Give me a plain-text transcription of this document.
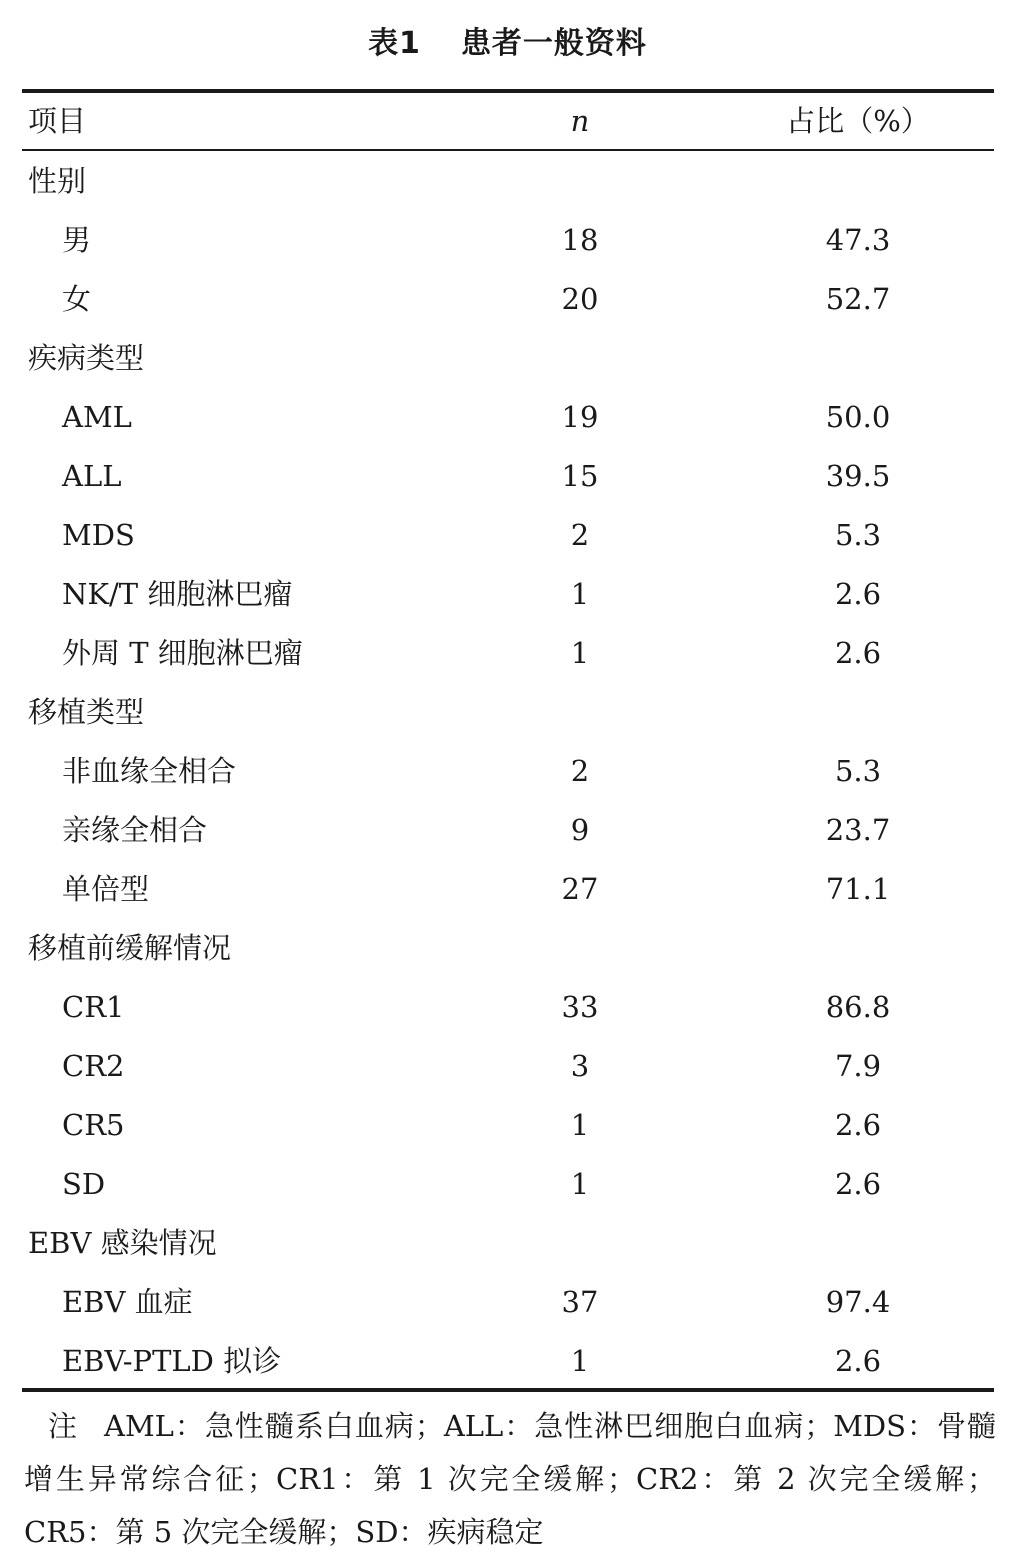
表1 患者一般资料
项目	n	占比（%）
性别
男	18	47.3
女	20	52.7
疾病类型
AML	19	50.0
ALL	15	39.5
MDS	2	5.3
NK/T 细胞淋巴瘤	1	2.6
外周 T 细胞淋巴瘤	1	2.6
移植类型
非血缘全相合	2	5.3
亲缘全相合	9	23.7
单倍型	27	71.1
移植前缓解情况
CR1	33	86.8
CR2	3	7.9
CR5	1	2.6
SD	1	2.6
EBV 感染情况
EBV 血症	37	97.4
EBV-PTLD 拟诊	1	2.6
注 AML：急性髓系白血病；ALL：急性淋巴细胞白血病；MDS：骨髓增生异常综合征；CR1：第 1 次完全缓解；CR2：第 2 次完全缓解；CR5：第 5 次完全缓解；SD：疾病稳定
